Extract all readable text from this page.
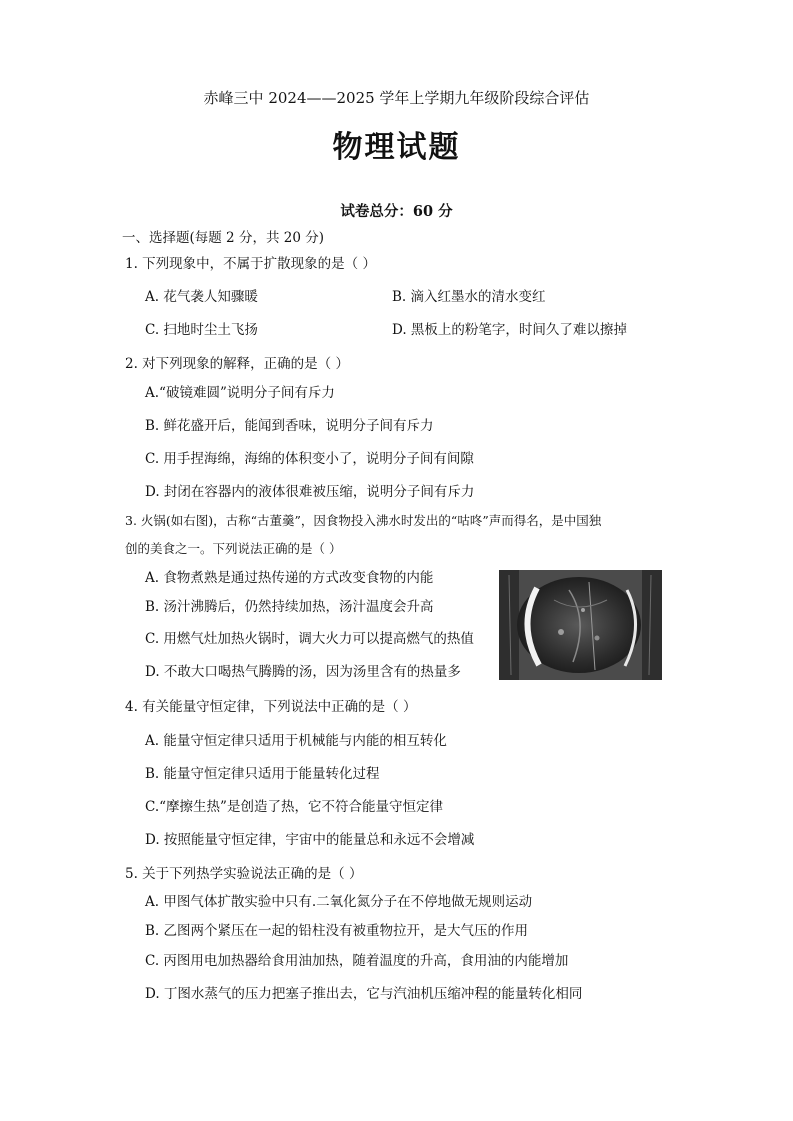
赤峰三中 2024——2025 学年上学期九年级阶段综合评估
物理试题
试卷总分：60 分
一、选择题(每题 2 分，共 20 分)
1. 下列现象中，不属于扩散现象的是（ ）
A. 花气袭人知骤暖	B. 滴入红墨水的清水变红
C. 扫地时尘土飞扬	D. 黑板上的粉笔字，时间久了难以擦掉
2. 对下列现象的解释，正确的是（ ）
A.“破镜难圆”说明分子间有斥力
B. 鲜花盛开后，能闻到香味，说明分子间有斥力
C. 用手捏海绵，海绵的体积变小了，说明分子间有间隙
D. 封闭在容器内的液体很难被压缩，说明分子间有斥力
3. 火锅(如右图)，古称“古董羹”，因食物投入沸水时发出的“咕咚”声而得名，是中国独
创的美食之一。下列说法正确的是（ ）
A. 食物煮熟是通过热传递的方式改变食物的内能
B. 汤汁沸腾后，仍然持续加热，汤汁温度会升高
C. 用燃气灶加热火锅时，调大火力可以提高燃气的热值
D. 不敢大口喝热气腾腾的汤，因为汤里含有的热量多
4. 有关能量守恒定律，下列说法中正确的是（ ）
A. 能量守恒定律只适用于机械能与内能的相互转化
B. 能量守恒定律只适用于能量转化过程
C.“摩擦生热”是创造了热，它不符合能量守恒定律
D. 按照能量守恒定律，宇宙中的能量总和永远不会增减
5. 关于下列热学实验说法正确的是（ ）
A. 甲图气体扩散实验中只有.二氧化氮分子在不停地做无规则运动
B. 乙图两个紧压在一起的铅柱没有被重物拉开，是大气压的作用
C. 丙图用电加热器给食用油加热，随着温度的升高，食用油的内能增加
D. 丁图水蒸气的压力把塞子推出去，它与汽油机压缩冲程的能量转化相同
